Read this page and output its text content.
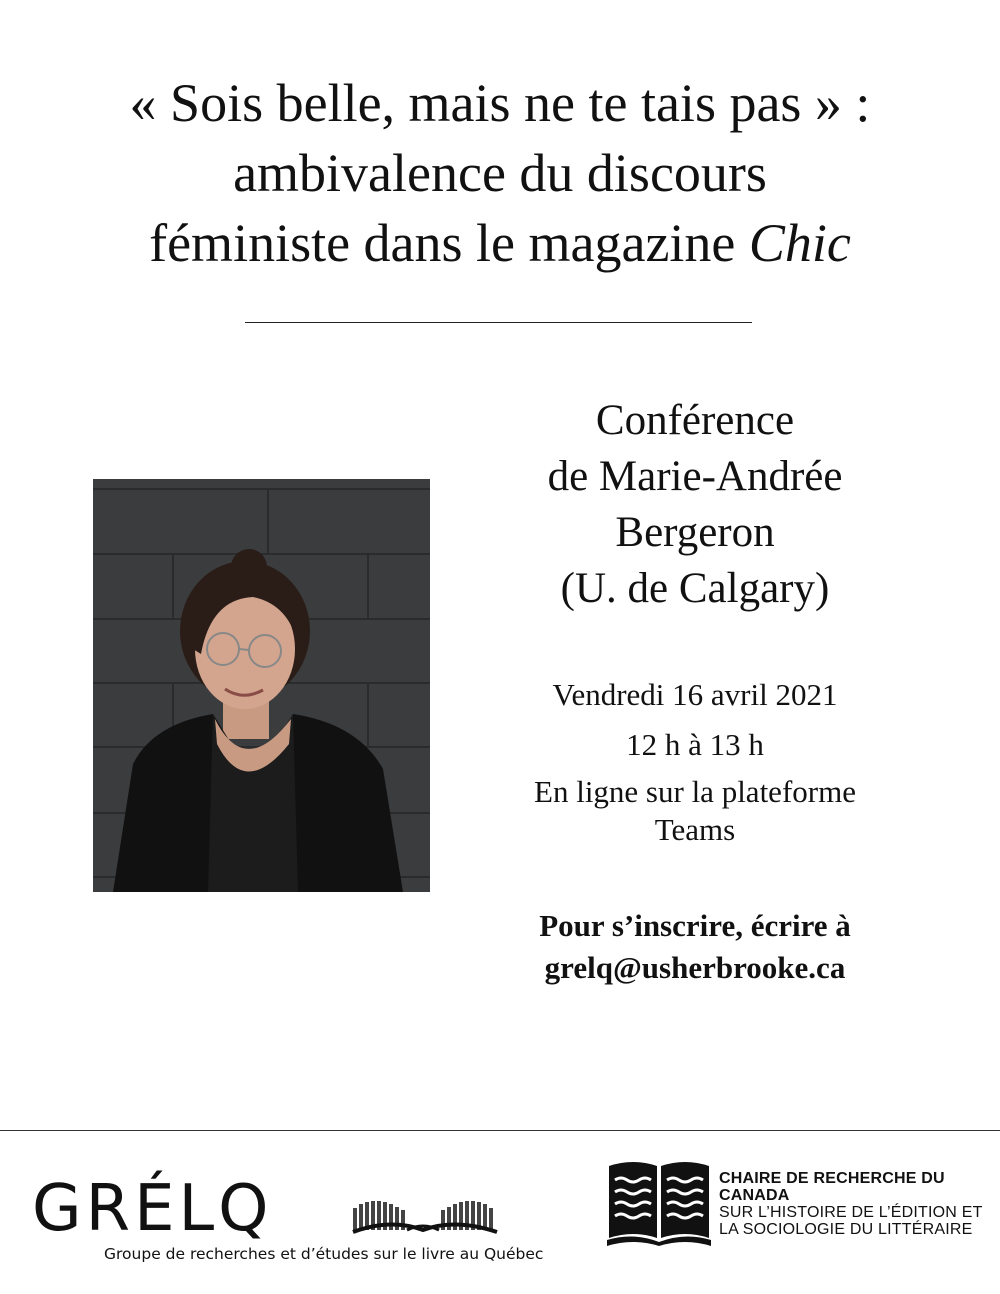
« Sois belle, mais ne te tais pas » :
ambivalence du discours
féministe dans le magazine Chic
Conférence
de Marie-Andrée
Bergeron
(U. de Calgary)
Vendredi 16 avril 2021
12 h à 13 h
En ligne sur la plateforme
Teams
Pour s’inscrire, écrire à
grelq@usherbrooke.ca
GRÉLQ
Groupe de recherches et d’études sur le livre au Québec
CHAIRE DE RECHERCHE DU CANADA
SUR L’HISTOIRE DE L’ÉDITION ET
LA SOCIOLOGIE DU LITTÉRAIRE
